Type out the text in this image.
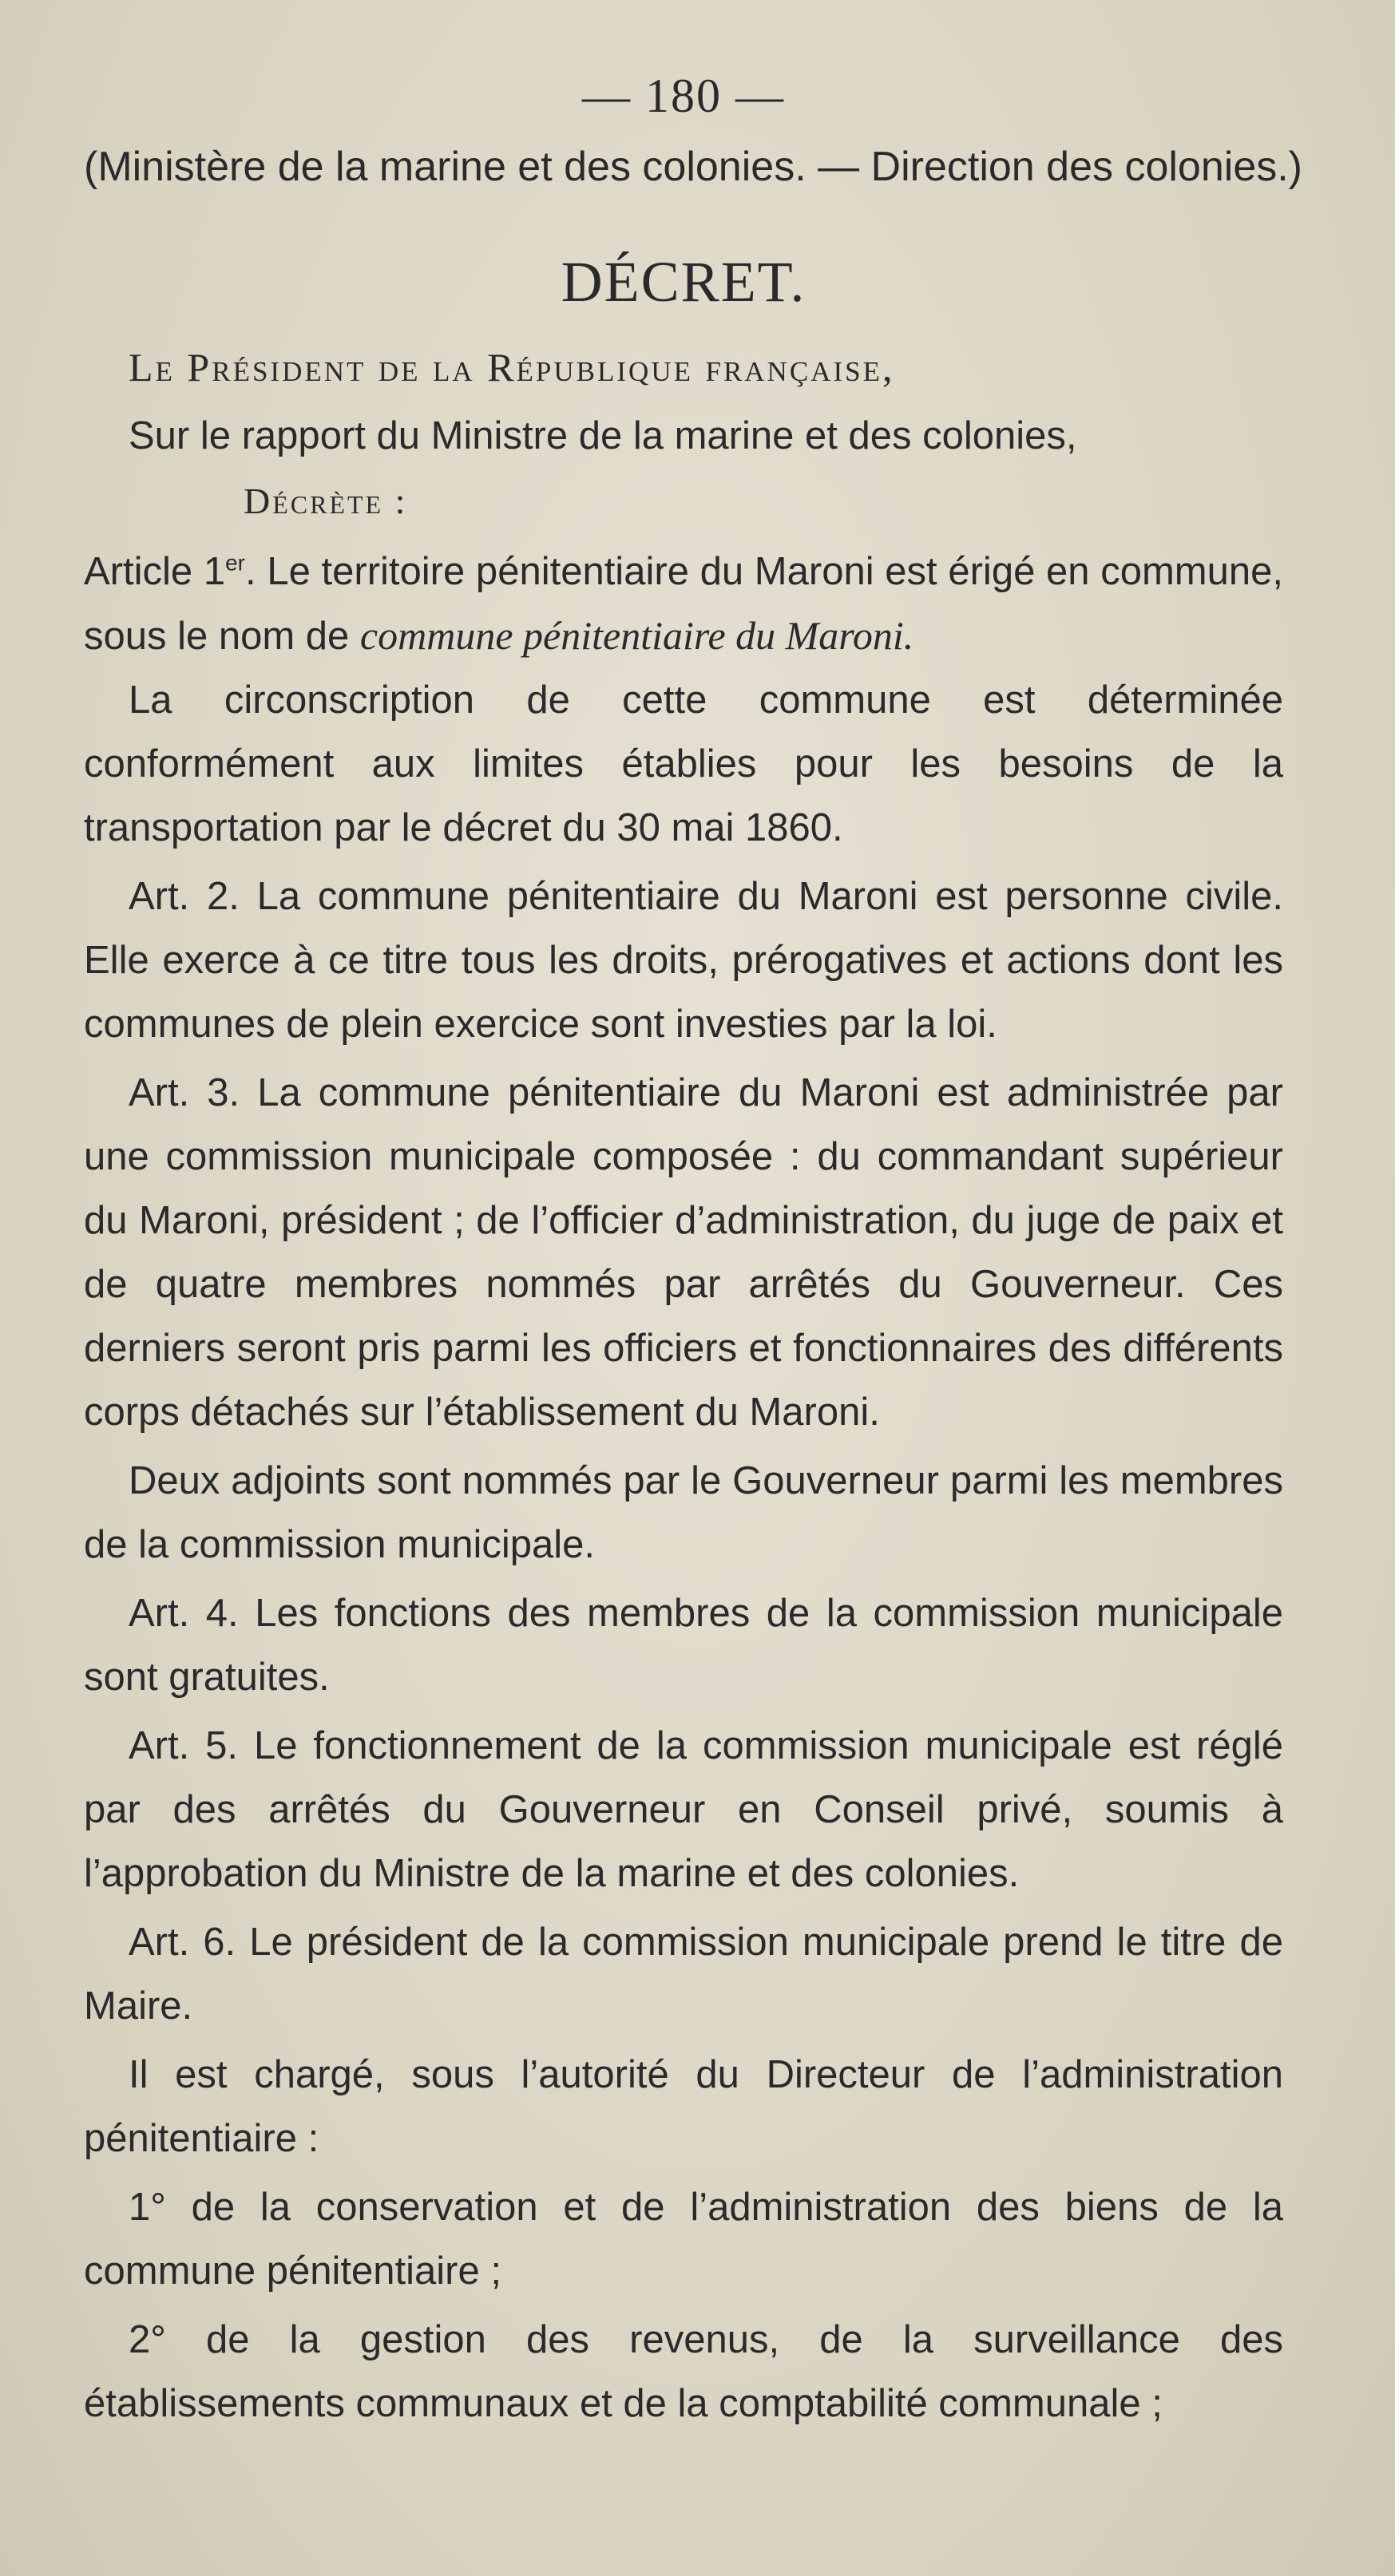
— 180 —
(Ministère de la marine et des colonies. — Direction des colonies.)
DÉCRET.

Le Président de la République française,

Sur le rapport du Ministre de la marine et des colonies,

Décrète :

Article 1er. Le territoire pénitentiaire du Maroni est érigé en commune, sous le nom de commune pénitentiaire du Maroni.

La circonscription de cette commune est déterminée conformément aux limites établies pour les besoins de la transportation par le décret du 30 mai 1860.

Art. 2. La commune pénitentiaire du Maroni est personne civile. Elle exerce à ce titre tous les droits, prérogatives et actions dont les communes de plein exercice sont investies par la loi.

Art. 3. La commune pénitentiaire du Maroni est administrée par une commission municipale composée : du commandant supérieur du Maroni, président ; de l’officier d’administration, du juge de paix et de quatre membres nommés par arrêtés du Gouverneur. Ces derniers seront pris parmi les officiers et fonctionnaires des différents corps détachés sur l’établissement du Maroni.

Deux adjoints sont nommés par le Gouverneur parmi les membres de la commission municipale.

Art. 4. Les fonctions des membres de la commission municipale sont gratuites.

Art. 5. Le fonctionnement de la commission municipale est réglé par des arrêtés du Gouverneur en Conseil privé, soumis à l’approbation du Ministre de la marine et des colonies.

Art. 6. Le président de la commission municipale prend le titre de Maire.

Il est chargé, sous l’autorité du Directeur de l’administration pénitentiaire :

1° de la conservation et de l’administration des biens de la commune pénitentiaire ;

2° de la gestion des revenus, de la surveillance des établissements communaux et de la comptabilité communale ;
